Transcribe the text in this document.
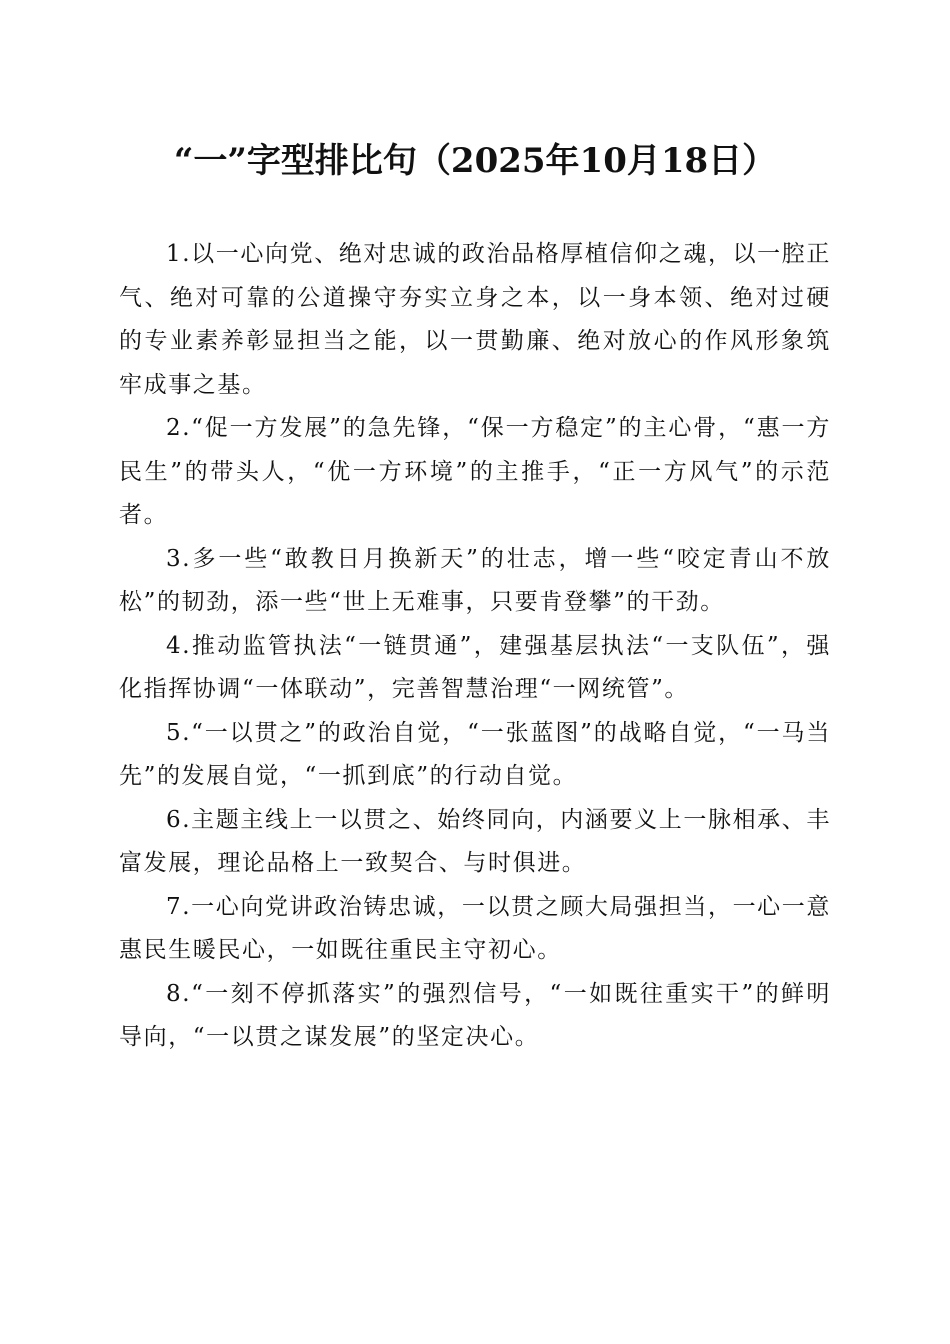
“一”字型排比句（2025年10月18日）

1.以一心向党、绝对忠诚的政治品格厚植信仰之魂，以一腔正气、绝对可靠的公道操守夯实立身之本，以一身本领、绝对过硬的专业素养彰显担当之能，以一贯勤廉、绝对放心的作风形象筑牢成事之基。

2.“促一方发展”的急先锋，“保一方稳定”的主心骨，“惠一方民生”的带头人，“优一方环境”的主推手，“正一方风气”的示范者。

3.多一些“敢教日月换新天”的壮志，增一些“咬定青山不放松”的韧劲，添一些“世上无难事，只要肯登攀”的干劲。

4.推动监管执法“一链贯通”，建强基层执法“一支队伍”，强化指挥协调“一体联动”，完善智慧治理“一网统管”。

5.“一以贯之”的政治自觉，“一张蓝图”的战略自觉，“一马当先”的发展自觉，“一抓到底”的行动自觉。

6.主题主线上一以贯之、始终同向，内涵要义上一脉相承、丰富发展，理论品格上一致契合、与时俱进。

7.一心向党讲政治铸忠诚，一以贯之顾大局强担当，一心一意惠民生暖民心，一如既往重民主守初心。

8.“一刻不停抓落实”的强烈信号，“一如既往重实干”的鲜明导向，“一以贯之谋发展”的坚定决心。
